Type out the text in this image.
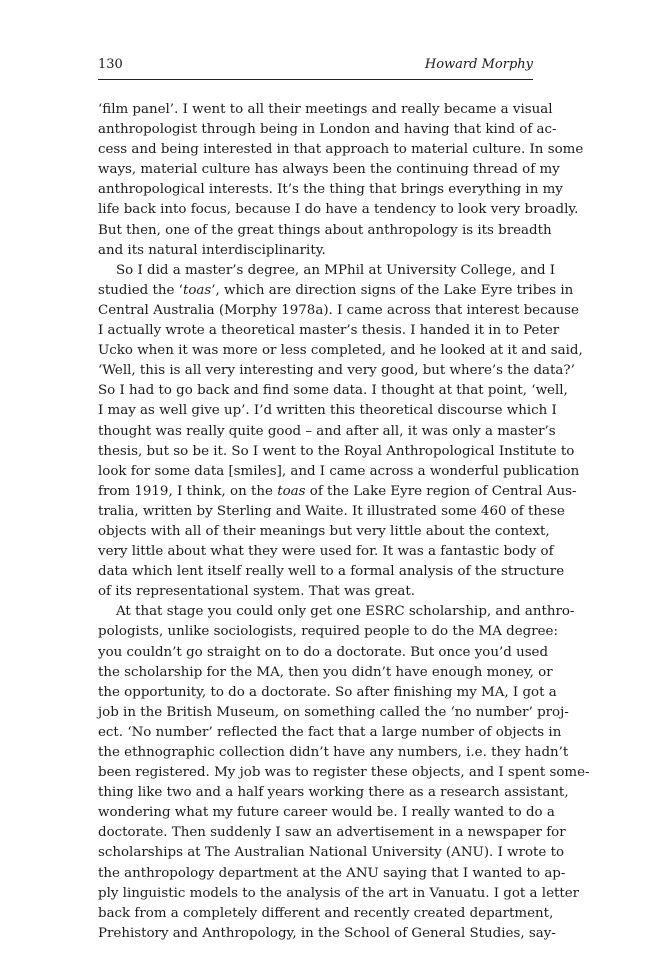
130	Howard Morphy
‘film panel’. I went to all their meetings and really became a visual
anthropologist through being in London and having that kind of ac-
cess and being interested in that approach to material culture. In some
ways, material culture has always been the continuing thread of my
anthropological interests. It’s the thing that brings everything in my
life back into focus, because I do have a tendency to look very broadly.
But then, one of the great things about anthropology is its breadth
and its natural interdisciplinarity.
So I did a master’s degree, an MPhil at University College, and I
studied the ‘toas’, which are direction signs of the Lake Eyre tribes in
Central Australia (Morphy 1978a). I came across that interest because
I actually wrote a theoretical master’s thesis. I handed it in to Peter
Ucko when it was more or less completed, and he looked at it and said,
‘Well, this is all very interesting and very good, but where’s the data?’
So I had to go back and find some data. I thought at that point, ‘well,
I may as well give up’. I’d written this theoretical discourse which I
thought was really quite good – and after all, it was only a master’s
thesis, but so be it. So I went to the Royal Anthropological Institute to
look for some data [smiles], and I came across a wonderful publication
from 1919, I think, on the toas of the Lake Eyre region of Central Aus-
tralia, written by Sterling and Waite. It illustrated some 460 of these
objects with all of their meanings but very little about the context,
very little about what they were used for. It was a fantastic body of
data which lent itself really well to a formal analysis of the structure
of its representational system. That was great.
At that stage you could only get one ESRC scholarship, and anthro-
pologists, unlike sociologists, required people to do the MA degree:
you couldn’t go straight on to do a doctorate. But once you’d used
the scholarship for the MA, then you didn’t have enough money, or
the opportunity, to do a doctorate. So after finishing my MA, I got a
job in the British Museum, on something called the ‘no number’ proj-
ect. ‘No number’ reflected the fact that a large number of objects in
the ethnographic collection didn’t have any numbers, i.e. they hadn’t
been registered. My job was to register these objects, and I spent some-
thing like two and a half years working there as a research assistant,
wondering what my future career would be. I really wanted to do a
doctorate. Then suddenly I saw an advertisement in a newspaper for
scholarships at The Australian National University (ANU). I wrote to
the anthropology department at the ANU saying that I wanted to ap-
ply linguistic models to the analysis of the art in Vanuatu. I got a letter
back from a completely different and recently created department,
Prehistory and Anthropology, in the School of General Studies, say-
